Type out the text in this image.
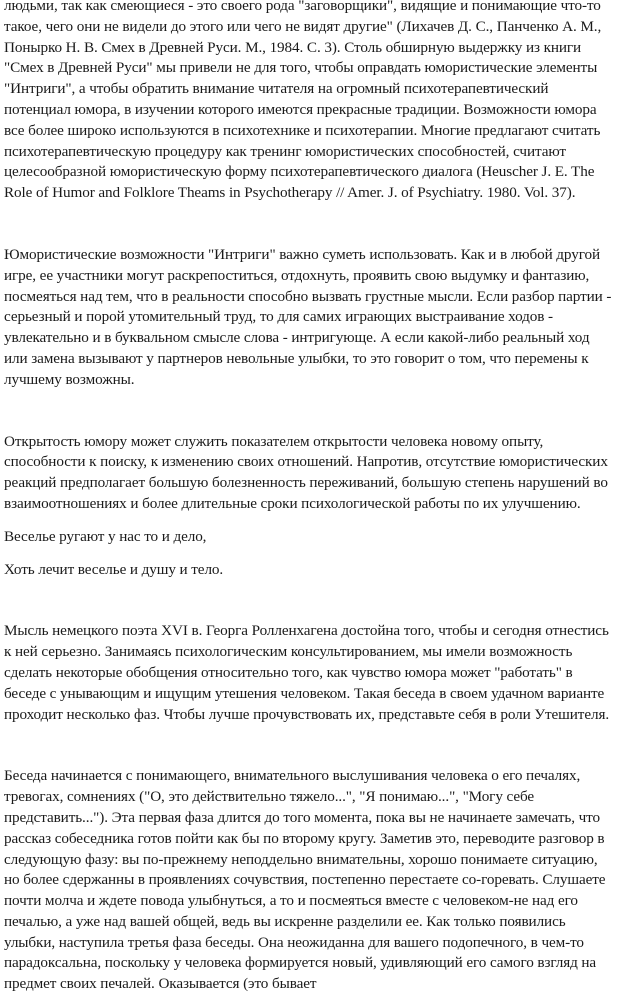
людьми, так как смеющиеся - это своего рода "заговорщики", видящие и понимающие что-то такое, чего они не видели до этого или чего не видят другие" (Лихачев Д. С., Панченко А. М., Понырко Н. В. Смех в Древней Руси. М., 1984. С. 3). Столь обширную выдержку из книги "Смех в Древней Руси" мы привели не для того, чтобы оправдать юмористические элементы "Интриги", а чтобы обратить внимание читателя на огромный психотерапевтический потенциал юмора, в изучении которого имеются прекрасные традиции. Возможности юмора все более широко используются в психотехнике и психотерапии. Многие предлагают считать психотерапевтическую процедуру как тренинг юмористических способностей, считают целесообразной юмористическую форму психотерапевтического диалога (Heuscher J. E. The Role of Humor and Folklore Theams in Psychotherapy // Amer. J. of Psychiatry. 1980. Vol. 37).

Юмористические возможности "Интриги" важно суметь использовать. Как и в любой другой игре, ее участники могут раскрепоститься, отдохнуть, проявить свою выдумку и фантазию, посмеяться над тем, что в реальности способно вызвать грустные мысли. Если разбор партии - серьезный и порой утомительный труд, то для самих играющих выстраивание ходов - увлекательно и в буквальном смысле слова - интригующе. А если какой-либо реальный ход или замена вызывают у партнеров невольные улыбки, то это говорит о том, что перемены к лучшему возможны.

Открытость юмору может служить показателем открытости человека новому опыту, способности к поиску, к изменению своих отношений. Напротив, отсутствие юмористических реакций предполагает большую болезненность переживаний, большую степень нарушений во взаимоотношениях и более длительные сроки психологической работы по их улучшению.

Веселье ругают у нас то и дело,

Хоть лечит веселье и душу и тело.

Мысль немецкого поэта XVI в. Георга Ролленхагена достойна того, чтобы и сегодня отнестись к ней серьезно. Занимаясь психологическим консультированием, мы имели возможность сделать некоторые обобщения относительно того, как чувство юмора может "работать" в беседе с унывающим и ищущим утешения человеком. Такая беседа в своем удачном варианте проходит несколько фаз. Чтобы лучше прочувствовать их, представьте себя в роли Утешителя.

Беседа начинается с понимающего, внимательного выслушивания человека о его печалях, тревогах, сомнениях ("О, это действительно тяжело...", "Я понимаю...", "Могу себе представить..."). Эта первая фаза длится до того момента, пока вы не начинаете замечать, что рассказ собеседника готов пойти как бы по второму кругу. Заметив это, переводите разговор в следующую фазу: вы по-прежнему неподдельно внимательны, хорошо понимаете ситуацию, но более сдержанны в проявлениях сочувствия, постепенно перестаете со-горевать. Слушаете почти молча и ждете повода улыбнуться, а то и посмеяться вместе с человеком-не над его печалью, а уже над вашей общей, ведь вы искренне разделили ее. Как только появились улыбки, наступила третья фаза беседы. Она неожиданна для вашего подопечного, в чем-то парадоксальна, поскольку у человека формируется новый, удивляющий его самого взгляд на предмет своих печалей. Оказывается (это бывает
